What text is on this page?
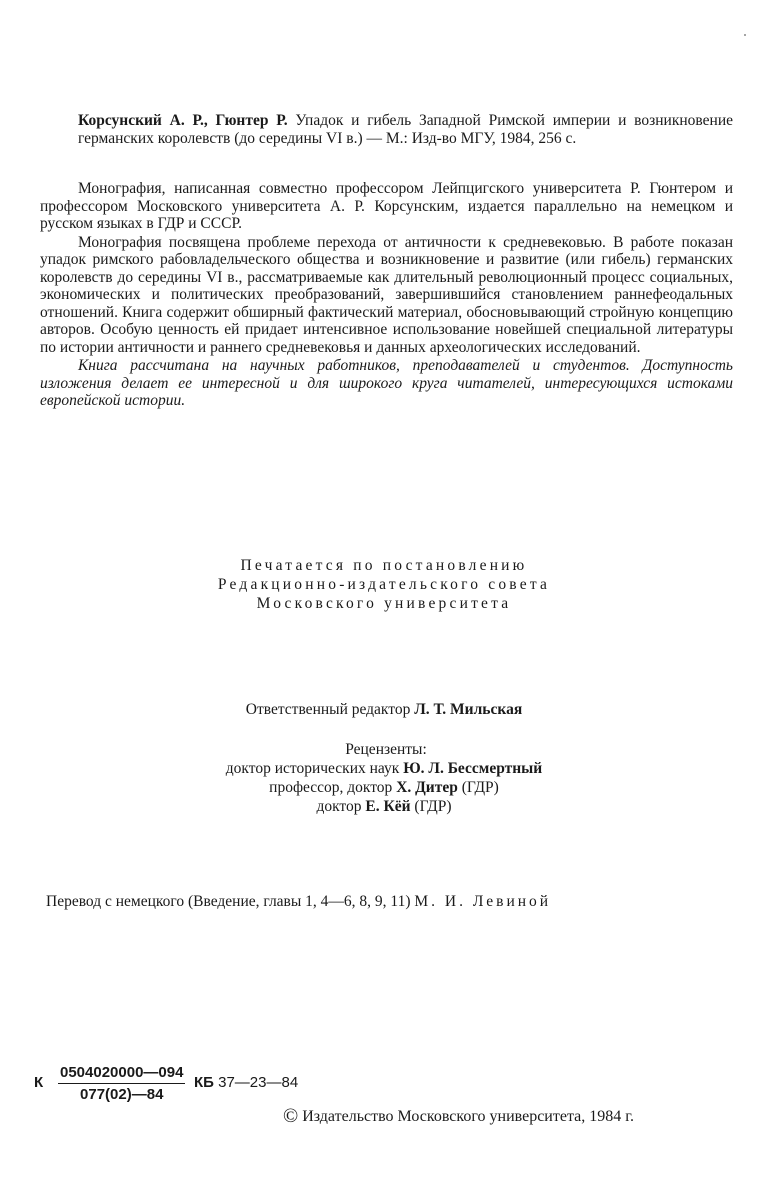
Корсунский А. Р., Гюнтер Р. Упадок и гибель Западной Римской империи и возникновение германских королевств (до середины VI в.) — М.: Изд-во МГУ, 1984, 256 с.

Монография, написанная совместно профессором Лейпцигского университета Р. Гюнтером и профессором Московского университета А. Р. Корсунским, издается параллельно на немецком и русском языках в ГДР и СССР.

Монография посвящена проблеме перехода от античности к средневековью. В работе показан упадок римского рабовладельческого общества и возникновение и развитие (или гибель) германских королевств до середины VI в., рассматриваемые как длительный революционный процесс социальных, экономических и политических преобразований, завершившийся становлением раннефеодальных отношений. Книга содержит обширный фактический материал, обосновывающий стройную концепцию авторов. Особую ценность ей придает интенсивное использование новейшей специальной литературы по истории античности и раннего средневековья и данных археологических исследований.

Книга рассчитана на научных работников, преподавателей и студентов. Доступность изложения делает ее интересной и для широкого круга читателей, интересующихся истоками европейской истории.

Печатается по постановлению
Редакционно-издательского совета
Московского университета
Ответственный редактор Л. Т. Мильская
Рецензенты:
доктор исторических наук Ю. Л. Бессмертный
профессор, доктор Х. Дитер (ГДР)
доктор Е. Кёй (ГДР)
Перевод с немецкого (Введение, главы 1, 4—6, 8, 9, 11) М. И. Левиной
К $\frac{0504020000—094}{077(02)—84}$ КБ 37—23—84
© Издательство Московского университета, 1984 г.
